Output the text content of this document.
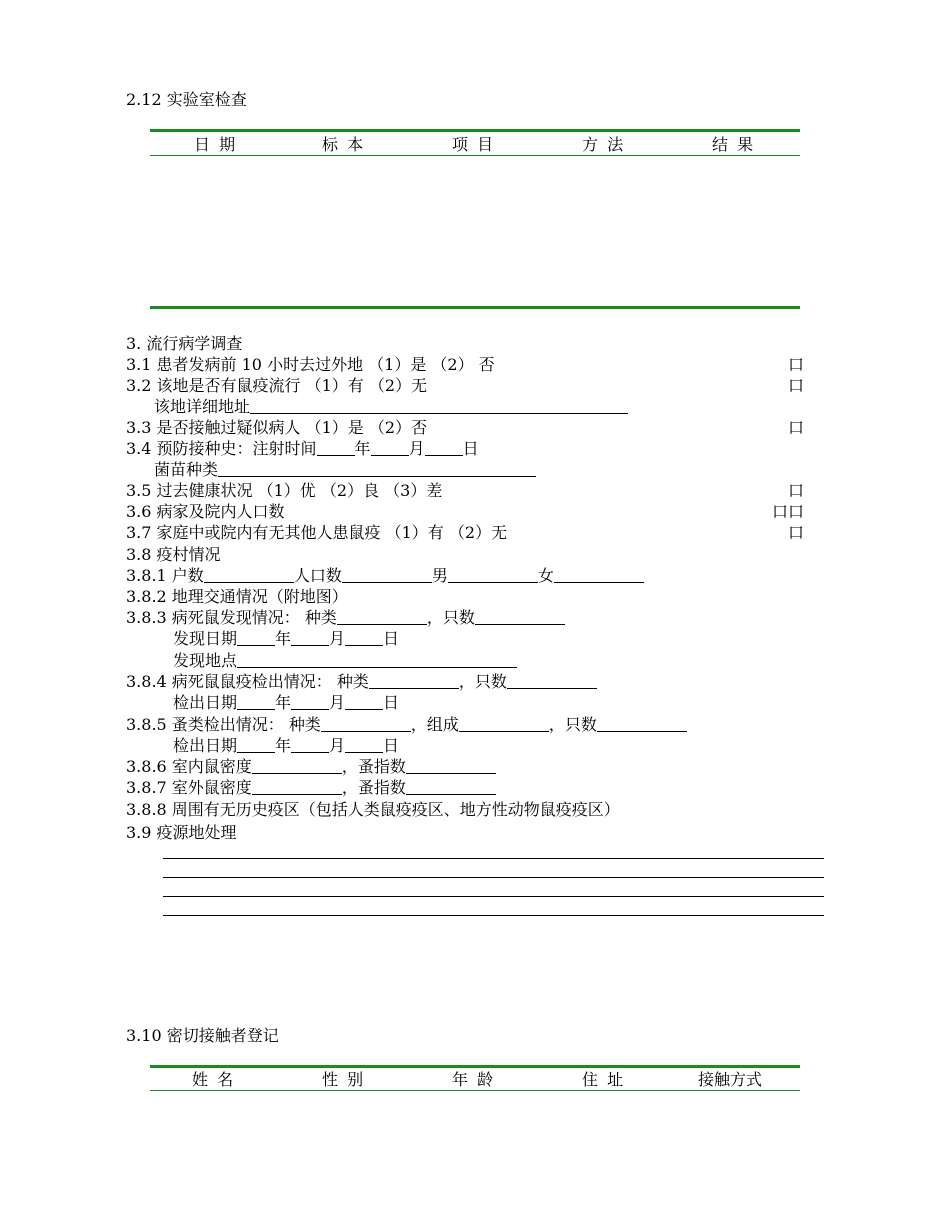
2.12 实验室检查
日 期	标 本	项 目	方 法	结 果
3. 流行病学调查
3.1 患者发病前 10 小时去过外地 （1）是 （2） 否	口
3.2 该地是否有鼠疫流行 （1）有 （2）无	口
该地详细地址
3.3 是否接触过疑似病人 （1）是 （2）否	口
3.4 预防接种史：注射时间 年 月 日
菌苗种类
3.5 过去健康状况 （1）优 （2）良 （3）差	口
3.6 病家及院内人口数	口口
3.7 家庭中或院内有无其他人患鼠疫 （1）有 （2）无	口
3.8 疫村情况
3.8.1 户数	人口数	男	女
3.8.2 地理交通情况（附地图）
3.8.3 病死鼠发现情况： 种类	，只数
发现日期 年 月 日
发现地点
3.8.4 病死鼠鼠疫检出情况： 种类	，只数
检出日期 年 月 日
3.8.5 蚤类检出情况： 种类	，组成	，只数
检出日期 年 月 日
3.8.6 室内鼠密度	，蚤指数
3.8.7 室外鼠密度	，蚤指数
3.8.8 周围有无历史疫区（包括人类鼠疫疫区、地方性动物鼠疫疫区）
3.9 疫源地处理
3.10 密切接触者登记
姓 名	性 别	年 龄	住 址	接触方式
